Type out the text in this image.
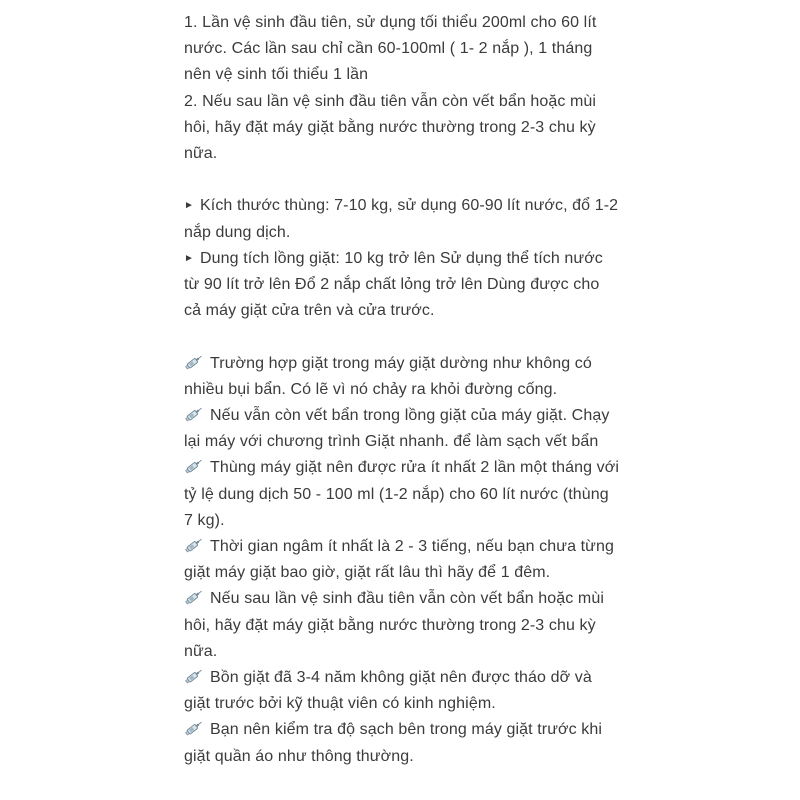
1. Lần vệ sinh đầu tiên, sử dụng tối thiểu 200ml cho 60 lít nước. Các lần sau chỉ cần 60-100ml ( 1- 2 nắp ), 1 tháng nên vệ sinh tối thiểu 1 lần

2. Nếu sau lần vệ sinh đầu tiên vẫn còn vết bẩn hoặc mùi hôi, hãy đặt máy giặt bằng nước thường trong 2-3 chu kỳ nữa.

► Kích thước thùng: 7-10 kg, sử dụng 60-90 lít nước, đổ 1-2 nắp dung dịch.

► Dung tích lồng giặt: 10 kg trở lên Sử dụng thể tích nước từ 90 lít trở lên Đổ 2 nắp chất lỏng trở lên Dùng được cho cả máy giặt cửa trên và cửa trước.

Trường hợp giặt trong máy giặt dường như không có nhiều bụi bẩn. Có lẽ vì nó chảy ra khỏi đường cống.

Nếu vẫn còn vết bẩn trong lồng giặt của máy giặt. Chạy lại máy với chương trình Giặt nhanh. để làm sạch vết bẩn

Thùng máy giặt nên được rửa ít nhất 2 lần một tháng với tỷ lệ dung dịch 50 - 100 ml (1-2 nắp) cho 60 lít nước (thùng 7 kg).

Thời gian ngâm ít nhất là 2 - 3 tiếng, nếu bạn chưa từng giặt máy giặt bao giờ, giặt rất lâu thì hãy để 1 đêm.

Nếu sau lần vệ sinh đầu tiên vẫn còn vết bẩn hoặc mùi hôi, hãy đặt máy giặt bằng nước thường trong 2-3 chu kỳ nữa.

Bồn giặt đã 3-4 năm không giặt nên được tháo dỡ và giặt trước bởi kỹ thuật viên có kinh nghiệm.

Bạn nên kiểm tra độ sạch bên trong máy giặt trước khi giặt quần áo như thông thường.
